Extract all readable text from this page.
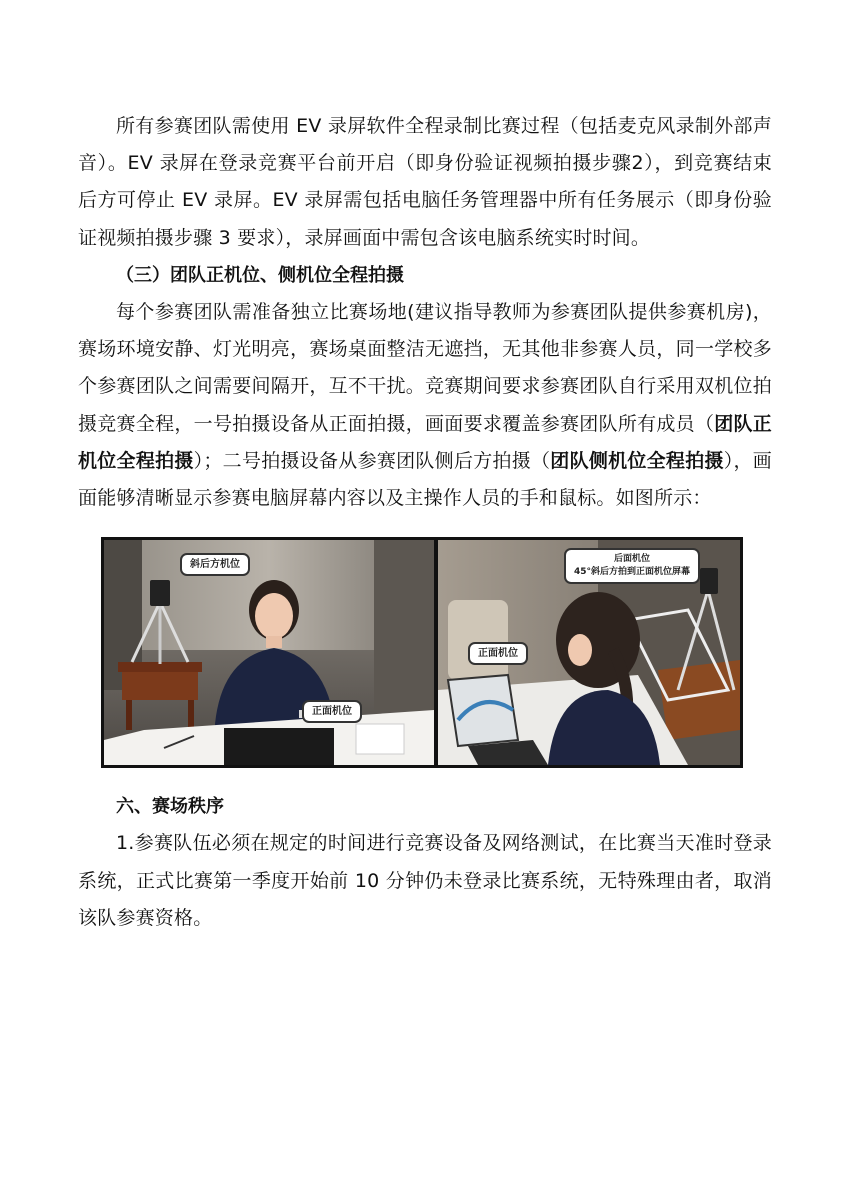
所有参赛团队需使用 EV 录屏软件全程录制比赛过程（包括麦克风录制外部声音）。EV 录屏在登录竞赛平台前开启（即身份验证视频拍摄步骤2），到竞赛结束后方可停止 EV 录屏。EV 录屏需包括电脑任务管理器中所有任务展示（即身份验证视频拍摄步骤 3 要求），录屏画面中需包含该电脑系统实时时间。

（三）团队正机位、侧机位全程拍摄

每个参赛团队需准备独立比赛场地(建议指导教师为参赛团队提供参赛机房)，赛场环境安静、灯光明亮，赛场桌面整洁无遮挡，无其他非参赛人员，同一学校多个参赛团队之间需要间隔开，互不干扰。竞赛期间要求参赛团队自行采用双机位拍摄竞赛全程，一号拍摄设备从正面拍摄，画面要求覆盖参赛团队所有成员（团队正机位全程拍摄）；二号拍摄设备从参赛团队侧后方拍摄（团队侧机位全程拍摄），画面能够清晰显示参赛电脑屏幕内容以及主操作人员的手和鼠标。如图所示：

斜后方机位
正面机位
后面机位
45°斜后方拍到正面机位屏幕
正面机位

六、赛场秩序

1.参赛队伍必须在规定的时间进行竞赛设备及网络测试，在比赛当天准时登录系统，正式比赛第一季度开始前 10 分钟仍未登录比赛系统，无特殊理由者，取消该队参赛资格。
